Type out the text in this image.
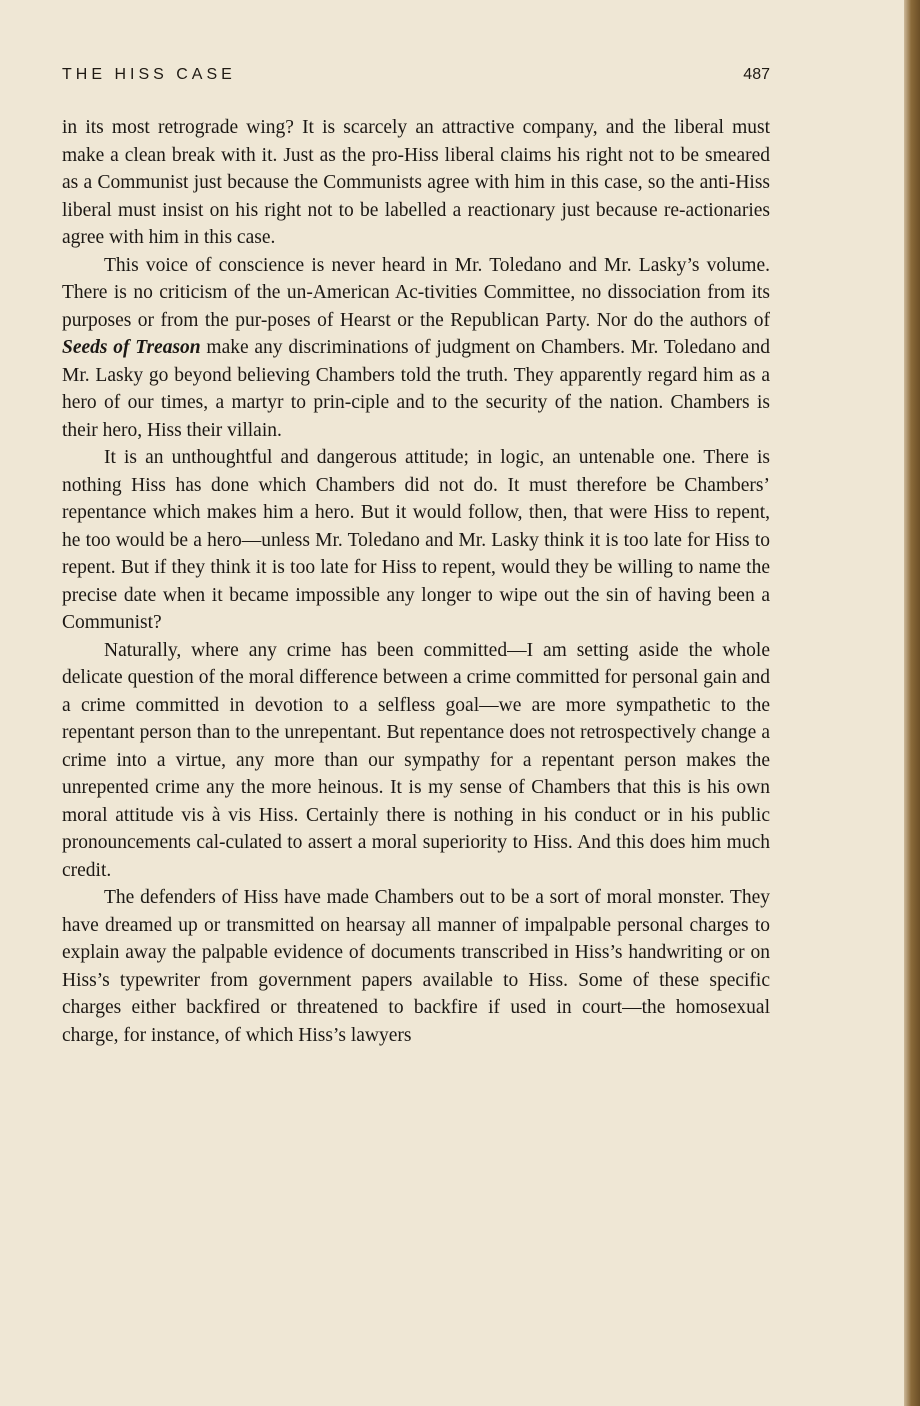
THE HISS CASE	487

in its most retrograde wing? It is scarcely an attractive company, and the liberal must make a clean break with it. Just as the pro-Hiss liberal claims his right not to be smeared as a Communist just because the Communists agree with him in this case, so the anti-Hiss liberal must insist on his right not to be labelled a reactionary just because re-actionaries agree with him in this case.

This voice of conscience is never heard in Mr. Toledano and Mr. Lasky’s volume. There is no criticism of the un-American Ac-tivities Committee, no dissociation from its purposes or from the pur-poses of Hearst or the Republican Party. Nor do the authors of Seeds of Treason make any discriminations of judgment on Chambers. Mr. Toledano and Mr. Lasky go beyond believing Chambers told the truth. They apparently regard him as a hero of our times, a martyr to prin-ciple and to the security of the nation. Chambers is their hero, Hiss their villain.

It is an unthoughtful and dangerous attitude; in logic, an untenable one. There is nothing Hiss has done which Chambers did not do. It must therefore be Chambers’ repentance which makes him a hero. But it would follow, then, that were Hiss to repent, he too would be a hero—unless Mr. Toledano and Mr. Lasky think it is too late for Hiss to repent. But if they think it is too late for Hiss to repent, would they be willing to name the precise date when it became impossible any longer to wipe out the sin of having been a Communist?

Naturally, where any crime has been committed—I am setting aside the whole delicate question of the moral difference between a crime committed for personal gain and a crime committed in devotion to a selfless goal—we are more sympathetic to the repentant person than to the unrepentant. But repentance does not retrospectively change a crime into a virtue, any more than our sympathy for a repentant person makes the unrepented crime any the more heinous. It is my sense of Chambers that this is his own moral attitude vis à vis Hiss. Certainly there is nothing in his conduct or in his public pronouncements cal-culated to assert a moral superiority to Hiss. And this does him much credit.

The defenders of Hiss have made Chambers out to be a sort of moral monster. They have dreamed up or transmitted on hearsay all manner of impalpable personal charges to explain away the palpable evidence of documents transcribed in Hiss’s handwriting or on Hiss’s typewriter from government papers available to Hiss. Some of these specific charges either backfired or threatened to backfire if used in court—the homosexual charge, for instance, of which Hiss’s lawyers
